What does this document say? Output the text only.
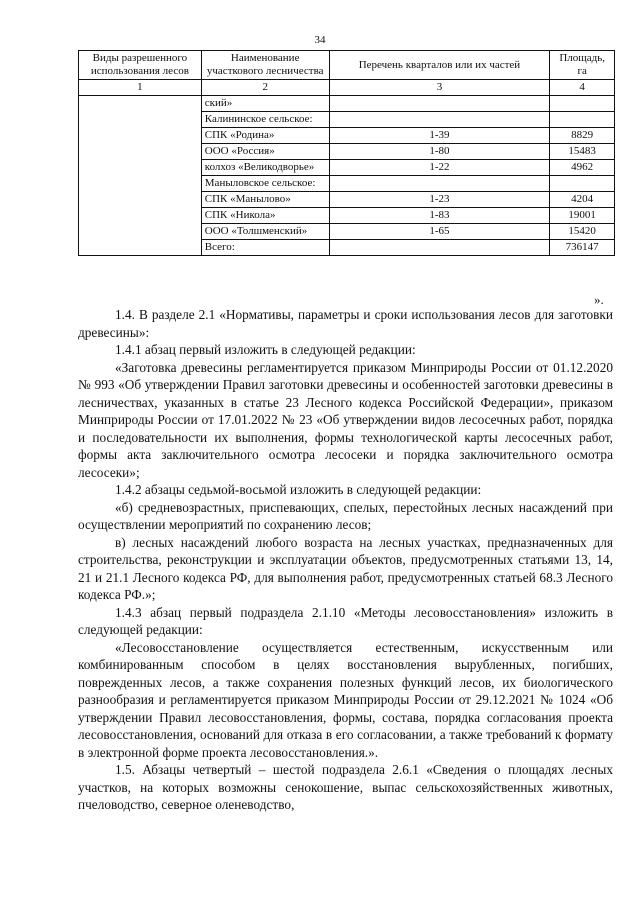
34
Виды разрешенного использования лесов	Наименование участкового лесничества	Перечень кварталов или их частей	Площадь, га
1	2	3	4
	ский»		
	Калининское сельское:		
	СПК «Родина»	1-39	8829
	ООО «Россия»	1-80	15483
	колхоз «Великодворье»	1-22	4962
	Маныловское сельское:		
	СПК «Манылово»	1-23	4204
	СПК «Никола»	1-83	19001
	ООО «Толшменский»	1-65	15420
	Всего:		736147
».

1.4. В разделе 2.1 «Нормативы, параметры и сроки использования лесов для заготовки древесины»:

1.4.1 абзац первый изложить в следующей редакции:

«Заготовка древесины регламентируется приказом Минприроды России от 01.12.2020 № 993 «Об утверждении Правил заготовки древесины и особенностей заготовки древесины в лесничествах, указанных в статье 23 Лесного кодекса Российской Федерации», приказом Минприроды России от 17.01.2022 № 23 «Об утверждении видов лесосечных работ, порядка и последовательности их выполнения, формы технологической карты лесосечных работ, формы акта заключительного осмотра лесосеки и порядка заключительного осмотра лесосеки»;

1.4.2 абзацы седьмой-восьмой изложить в следующей редакции:

«б) средневозрастных, приспевающих, спелых, перестойных лесных насаждений при осуществлении мероприятий по сохранению лесов;

в) лесных насаждений любого возраста на лесных участках, предназначенных для строительства, реконструкции и эксплуатации объектов, предусмотренных статьями 13, 14, 21 и 21.1 Лесного кодекса РФ, для выполнения работ, предусмотренных статьей 68.3 Лесного кодекса РФ.»;

1.4.3 абзац первый подраздела 2.1.10 «Методы лесовосстановления» изложить в следующей редакции:

«Лесовосстановление осуществляется естественным, искусственным или комбинированным способом в целях восстановления вырубленных, погибших, поврежденных лесов, а также сохранения полезных функций лесов, их биологического разнообразия и регламентируется приказом Минприроды России от 29.12.2021 № 1024 «Об утверждении Правил лесовосстановления, формы, состава, порядка согласования проекта лесовосстановления, оснований для отказа в его согласовании, а также требований к формату в электронной форме проекта лесовосстановления.».

1.5. Абзацы четвертый – шестой подраздела 2.6.1 «Сведения о площадях лесных участков, на которых возможны сенокошение, выпас сельскохозяйственных животных, пчеловодство, северное оленеводство,
